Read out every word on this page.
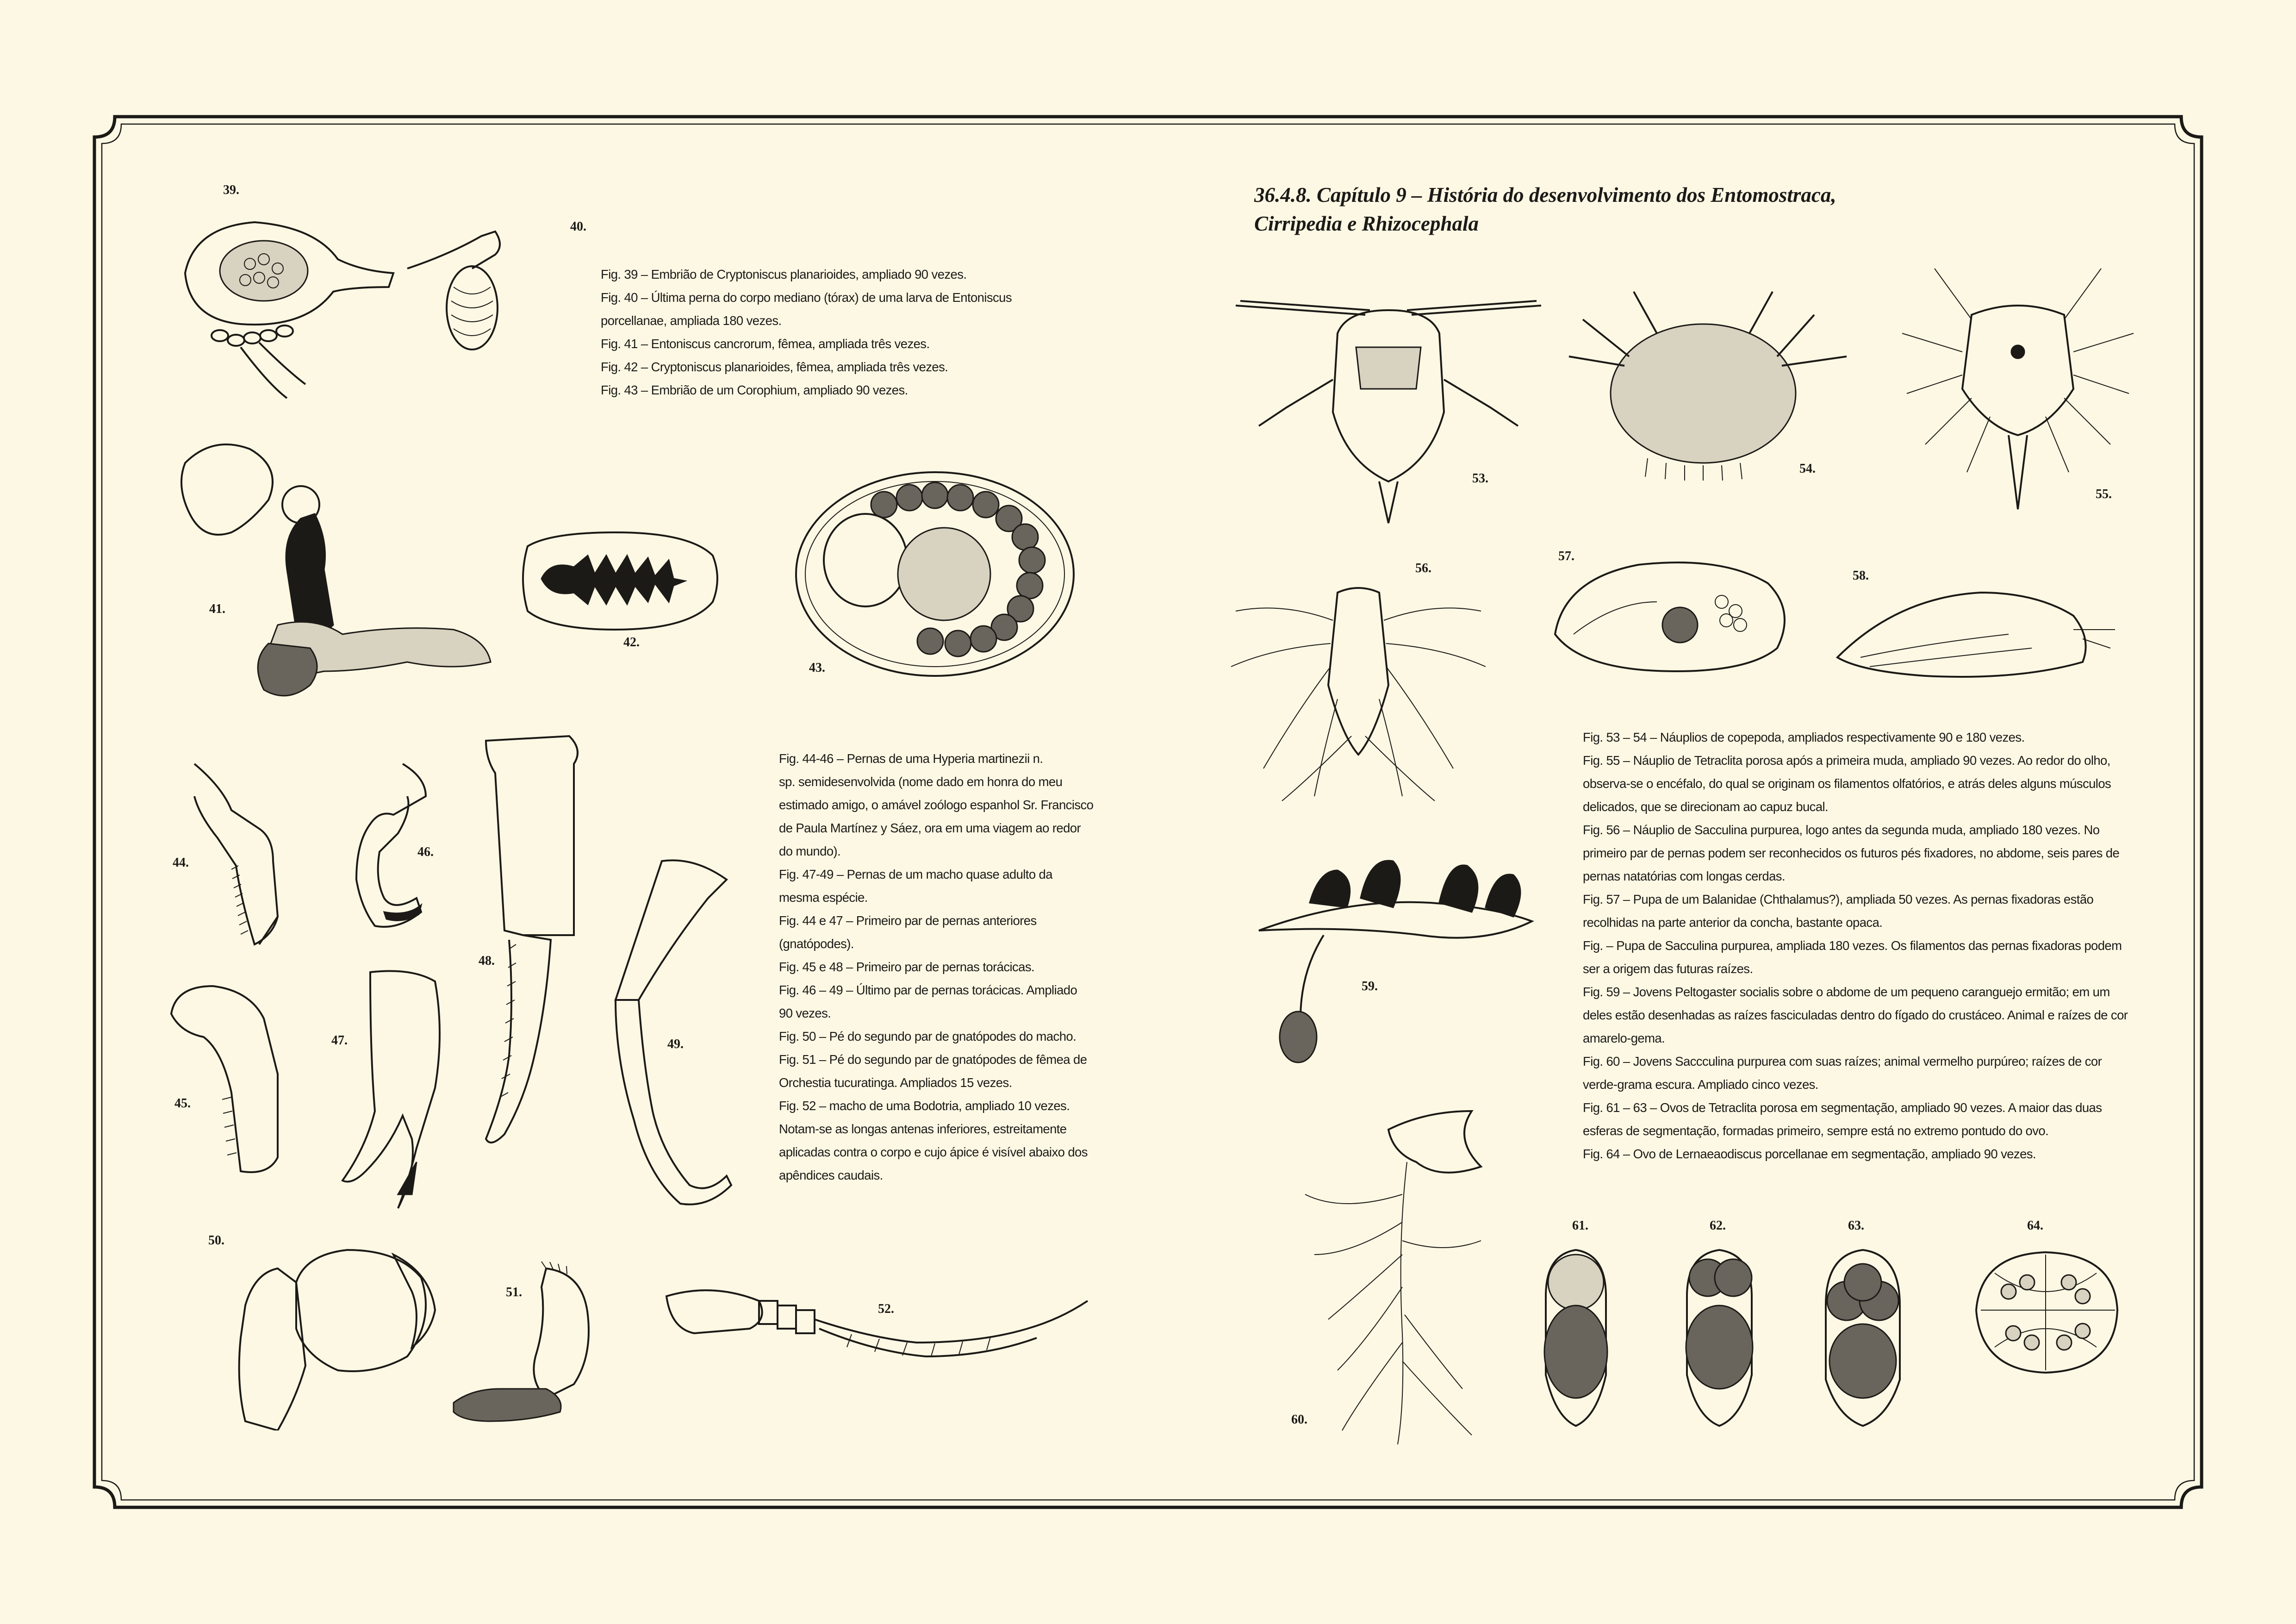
39.
40.
41.
42.
43.
44.
46.
48.
49.
45.
47.
50.
51.
52.
53.
54.
55.
56.
57.
58.
59.
60.
61.	62.	63.	64.
36.4.8. Capítulo 9 – História do desenvolvimento dos Entomostraca,
Cirripedia e Rhizocephala
Fig. 39 – Embrião de Cryptoniscus planarioides, ampliado 90 vezes.
Fig. 40 – Última perna do corpo mediano (tórax) de uma larva de Entoniscus
porcellanae, ampliada 180 vezes.
Fig. 41 – Entoniscus cancrorum, fêmea, ampliada três vezes.
Fig. 42 – Cryptoniscus planarioides, fêmea, ampliada três vezes.
Fig. 43 – Embrião de um Corophium, ampliado 90 vezes.
Fig. 44-46 – Pernas de uma Hyperia martinezii n.
sp. semidesenvolvida (nome dado em honra do meu
estimado amigo, o amável zoólogo espanhol Sr. Francisco
de Paula Martínez y Sáez, ora em uma viagem ao redor
do mundo).
Fig. 47-49 – Pernas de um macho quase adulto da
mesma espécie.
Fig. 44 e 47 – Primeiro par de pernas anteriores
(gnatópodes).
Fig. 45 e 48 – Primeiro par de pernas torácicas.
Fig. 46 – 49 – Último par de pernas torácicas. Ampliado
90 vezes.
Fig. 50 – Pé do segundo par de gnatópodes do macho.
Fig. 51 – Pé do segundo par de gnatópodes de fêmea de
Orchestia tucuratinga. Ampliados 15 vezes.
Fig. 52 – macho de uma Bodotria, ampliado 10 vezes.
Notam-se as longas antenas inferiores, estreitamente
aplicadas contra o corpo e cujo ápice é visível abaixo dos
apêndices caudais.
Fig. 53 – 54 – Náuplios de copepoda, ampliados respectivamente 90 e 180 vezes.
Fig. 55 – Náuplio de Tetraclita porosa após a primeira muda, ampliado 90 vezes. Ao redor do olho,
observa-se o encéfalo, do qual se originam os filamentos olfatórios, e atrás deles alguns músculos
delicados, que se direcionam ao capuz bucal.
Fig. 56 – Náuplio de Sacculina purpurea, logo antes da segunda muda, ampliado 180 vezes. No
primeiro par de pernas podem ser reconhecidos os futuros pés fixadores, no abdome, seis pares de
pernas natatórias com longas cerdas.
Fig. 57 – Pupa de um Balanidae (Chthalamus?), ampliada 50 vezes. As pernas fixadoras estão
recolhidas na parte anterior da concha, bastante opaca.
Fig. – Pupa de Sacculina purpurea, ampliada 180 vezes. Os filamentos das pernas fixadoras podem
ser a origem das futuras raízes.
Fig. 59 – Jovens Peltogaster socialis sobre o abdome de um pequeno caranguejo ermitão; em um
deles estão desenhadas as raízes fasciculadas dentro do fígado do crustáceo. Animal e raízes de cor
amarelo-gema.
Fig. 60 – Jovens Saccculina purpurea com suas raízes; animal vermelho purpúreo; raízes de cor
verde-grama escura. Ampliado cinco vezes.
Fig. 61 – 63 – Ovos de Tetraclita porosa em segmentação, ampliado 90 vezes. A maior das duas
esferas de segmentação, formadas primeiro, sempre está no extremo pontudo do ovo.
Fig. 64 – Ovo de Lernaeaodiscus porcellanae em segmentação, ampliado 90 vezes.
